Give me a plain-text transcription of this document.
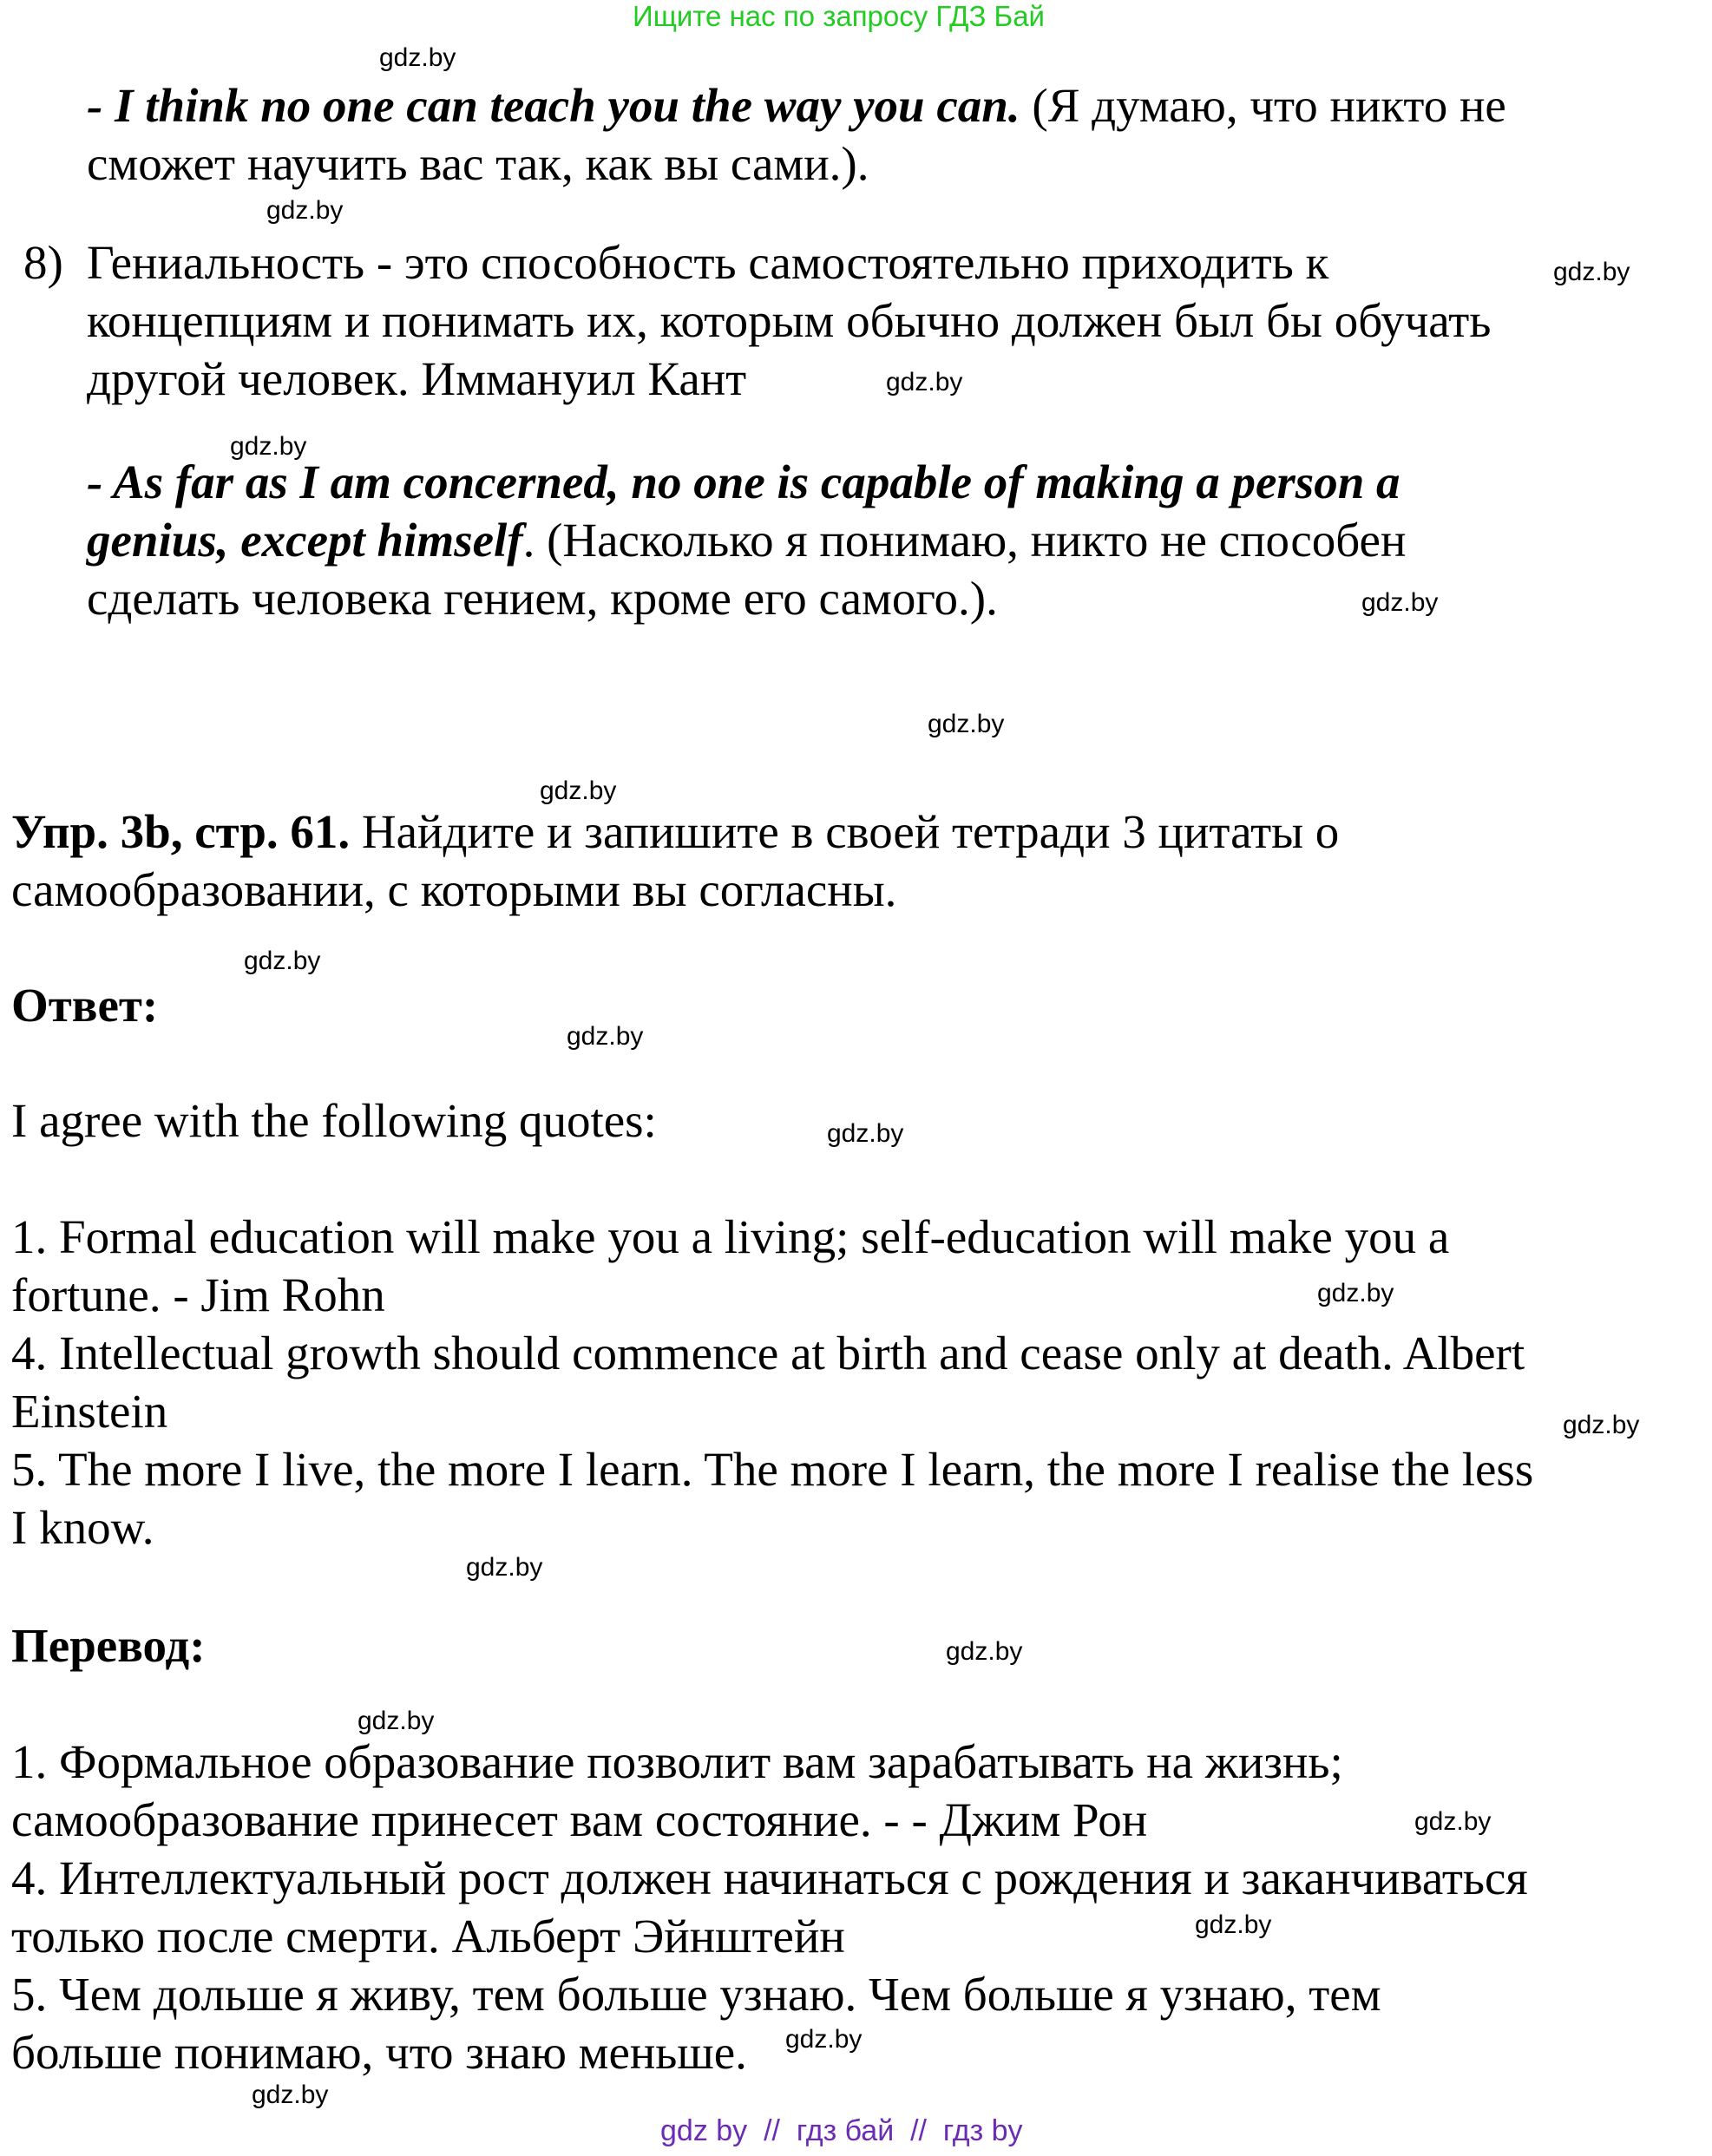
Ищите нас по запросу ГДЗ Бай
gdz.by
gdz.by
gdz.by
gdz.by
gdz.by
gdz.by
gdz.by
gdz.by
gdz.by
gdz.by
gdz.by
gdz.by
gdz.by
gdz.by
gdz.by
gdz.by
gdz.by
gdz.by
gdz.by
gdz.by
- I think no one can teach you the way you can. (Я думаю, что никто не
сможет научить вас так, как вы сами.).
8) Гениальность - это способность самостоятельно приходить к
концепциям и понимать их, которым обычно должен был бы обучать
другой человек. Иммануил Кант
- As far as I am concerned, no one is capable of making a person a
genius, except himself. (Насколько я понимаю, никто не способен
сделать человека гением, кроме его самого.).
Упр. 3b, стр. 61. Найдите и запишите в своей тетради 3 цитаты о
самообразовании, с которыми вы согласны.
Ответ:
I agree with the following quotes:
1. Formal education will make you a living; self-education will make you a
fortune. - Jim Rohn
4. Intellectual growth should commence at birth and cease only at death. Albert
Einstein
5. The more I live, the more I learn. The more I learn, the more I realise the less
I know.
Перевод:
1. Формальное образование позволит вам зарабатывать на жизнь;
самообразование принесет вам состояние. - - Джим Рон
4. Интеллектуальный рост должен начинаться с рождения и заканчиваться
только после смерти. Альберт Эйнштейн
5. Чем дольше я живу, тем больше узнаю. Чем больше я узнаю, тем
больше понимаю, что знаю меньше.
gdz by  //  гдз бай  //  гдз by
